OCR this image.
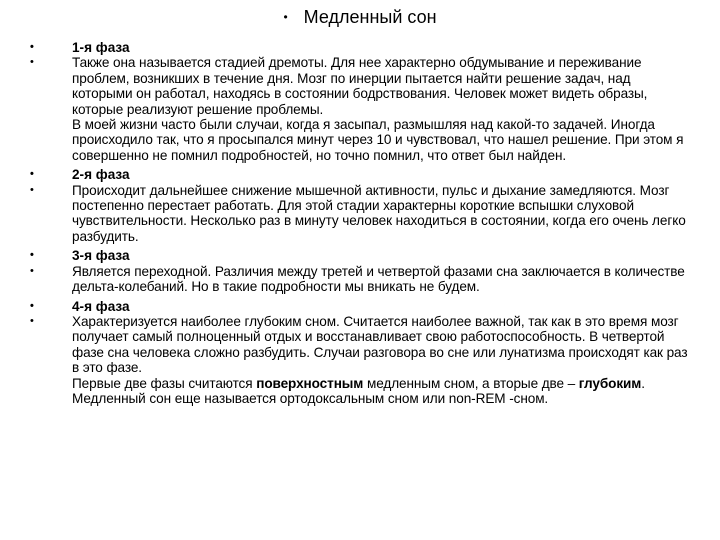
• Медленный сон
•	1-я фаза
•	Также она называется стадией дремоты. Для нее характерно обдумывание и переживание проблем, возникших в течение дня. Мозг по инерции пытается найти решение задач, над которыми он работал, находясь в состоянии бодрствования. Человек может видеть образы, которые реализуют решение проблемы.

В моей жизни часто были случаи, когда я засыпал, размышляя над какой-то задачей. Иногда происходило так, что я просыпался минут через 10 и чувствовал, что нашел решение. При этом я совершенно не помнил подробностей, но точно помнил, что ответ был найден.

•	2-я фаза
•	Происходит дальнейшее снижение мышечной активности, пульс и дыхание замедляются. Мозг постепенно перестает работать. Для этой стадии характерны короткие вспышки слуховой чувствительности. Несколько раз в минуту человек находиться в состоянии, когда его очень легко разбудить.

•	3-я фаза
•	Является переходной. Различия между третей и четвертой фазами сна заключается в количестве дельта-колебаний. Но в такие подробности мы вникать не будем.

•	4-я фаза
•	Характеризуется наиболее глубоким сном. Считается наиболее важной, так как в это время мозг получает самый полноценный отдых и восстанавливает свою работоспособность. В четвертой фазе сна человека сложно разбудить. Случаи разговора во сне или лунатизма происходят как раз в это фазе.

Первые две фазы считаются поверхностным медленным сном, а вторые две – глубоким. Медленный сон еще называется ортодоксальным сном или non-REM -сном.
